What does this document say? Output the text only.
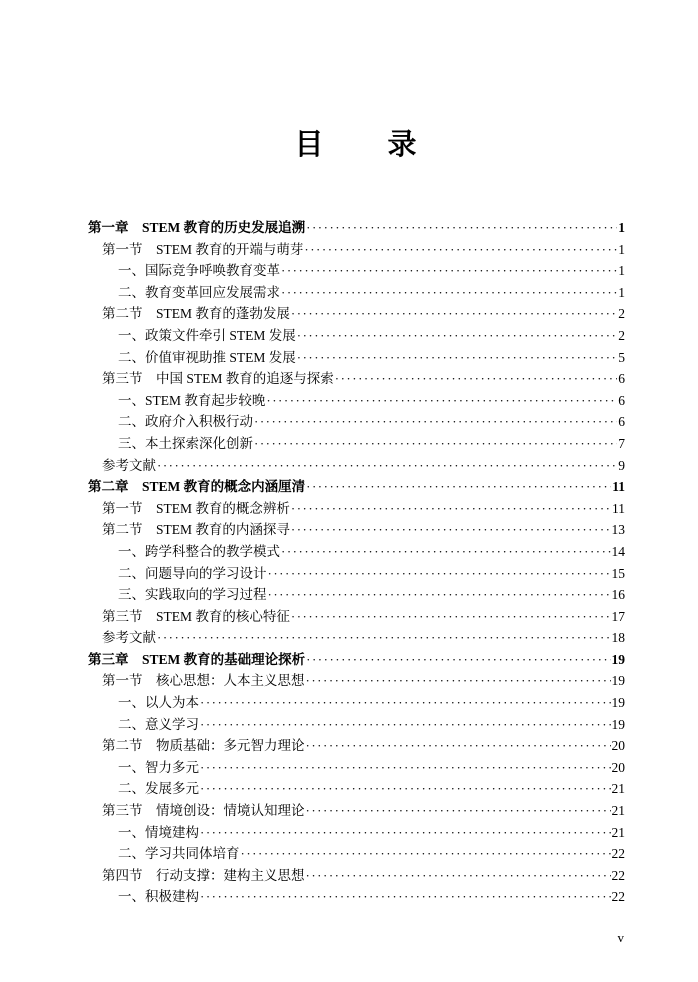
目　　录
第一章　STEM 教育的历史发展追溯 ·····	1
第一节　STEM 教育的开端与萌芽 ·····	1
一、国际竞争呼唤教育变革 ·····	1
二、教育变革回应发展需求 ·····	1
第二节　STEM 教育的蓬勃发展 ·····	2
一、政策文件牵引 STEM 发展 ·····	2
二、价值审视助推 STEM 发展 ·····	5
第三节　中国 STEM 教育的追逐与探索 ·····	6
一、STEM 教育起步较晚 ·····	6
二、政府介入积极行动 ·····	6
三、本土探索深化创新 ·····	7
参考文献 ·····	9
第二章　STEM 教育的概念内涵厘清 ·····	11
第一节　STEM 教育的概念辨析 ·····	11
第二节　STEM 教育的内涵探寻 ·····	13
一、跨学科整合的教学模式 ·····	14
二、问题导向的学习设计 ·····	15
三、实践取向的学习过程 ·····	16
第三节　STEM 教育的核心特征 ·····	17
参考文献 ·····	18
第三章　STEM 教育的基础理论探析 ·····	19
第一节　核心思想：人本主义思想 ·····	19
一、以人为本 ·····	19
二、意义学习 ·····	19
第二节　物质基础：多元智力理论 ·····	20
一、智力多元 ·····	20
二、发展多元 ·····	21
第三节　情境创设：情境认知理论 ·····	21
一、情境建构 ·····	21
二、学习共同体培育 ·····	22
第四节　行动支撑：建构主义思想 ·····	22
一、积极建构 ·····	22
v
